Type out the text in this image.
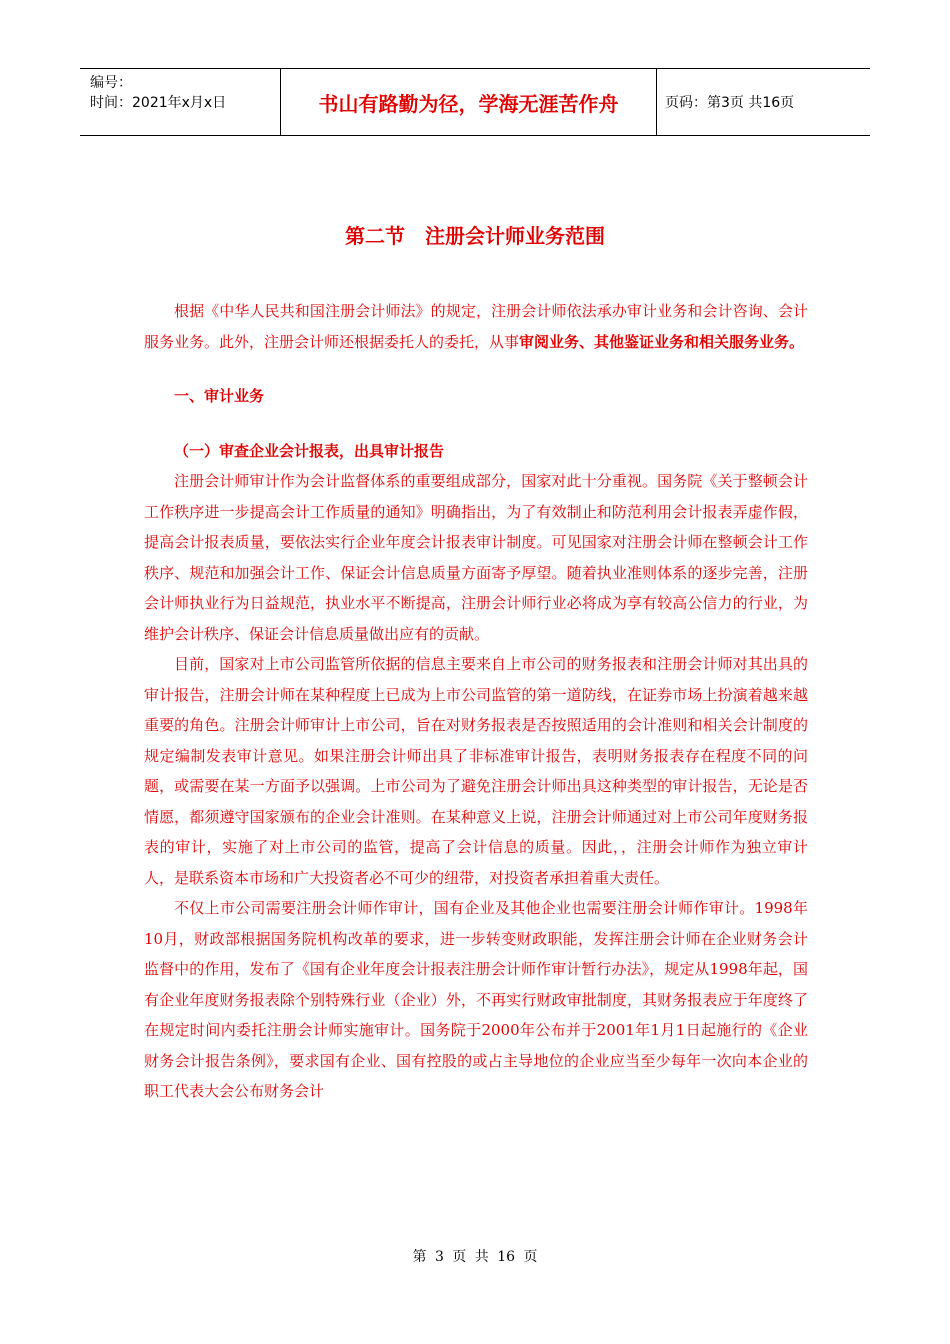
编号：
时间：2021年x月x日	书山有路勤为径，学海无涯苦作舟	页码：第3页 共16页
第二节　注册会计师业务范围

根据《中华人民共和国注册会计师法》的规定，注册会计师依法承办审计业务和会计咨询、会计服务业务。此外，注册会计师还根据委托人的委托，从事审阅业务、其他鉴证业务和相关服务业务。

一、审计业务
（一）审查企业会计报表，出具审计报告

注册会计师审计作为会计监督体系的重要组成部分，国家对此十分重视。国务院《关于整顿会计工作秩序进一步提高会计工作质量的通知》明确指出，为了有效制止和防范利用会计报表弄虚作假，提高会计报表质量，要依法实行企业年度会计报表审计制度。可见国家对注册会计师在整顿会计工作秩序、规范和加强会计工作、保证会计信息质量方面寄予厚望。随着执业准则体系的逐步完善，注册会计师执业行为日益规范，执业水平不断提高，注册会计师行业必将成为享有较高公信力的行业，为维护会计秩序、保证会计信息质量做出应有的贡献。

目前，国家对上市公司监管所依据的信息主要来自上市公司的财务报表和注册会计师对其出具的审计报告，注册会计师在某种程度上已成为上市公司监管的第一道防线，在证券市场上扮演着越来越重要的角色。注册会计师审计上市公司，旨在对财务报表是否按照适用的会计准则和相关会计制度的规定编制发表审计意见。如果注册会计师出具了非标准审计报告，表明财务报表存在程度不同的问题，或需要在某一方面予以强调。上市公司为了避免注册会计师出具这种类型的审计报告，无论是否情愿，都须遵守国家颁布的企业会计准则。在某种意义上说，注册会计师通过对上市公司年度财务报表的审计，实施了对上市公司的监管，提高了会计信息的质量。因此，，注册会计师作为独立审计人，是联系资本市场和广大投资者必不可少的纽带，对投资者承担着重大责任。

不仅上市公司需要注册会计师作审计，国有企业及其他企业也需要注册会计师作审计。1998年10月，财政部根据国务院机构改革的要求，进一步转变财政职能，发挥注册会计师在企业财务会计监督中的作用，发布了《国有企业年度会计报表注册会计师作审计暂行办法》，规定从1998年起，国有企业年度财务报表除个别特殊行业（企业）外，不再实行财政审批制度，其财务报表应于年度终了在规定时间内委托注册会计师实施审计。国务院于2000年公布并于2001年1月1日起施行的《企业财务会计报告条例》，要求国有企业、国有控股的或占主导地位的企业应当至少每年一次向本企业的职工代表大会公布财务会计

第 3 页 共 16 页
